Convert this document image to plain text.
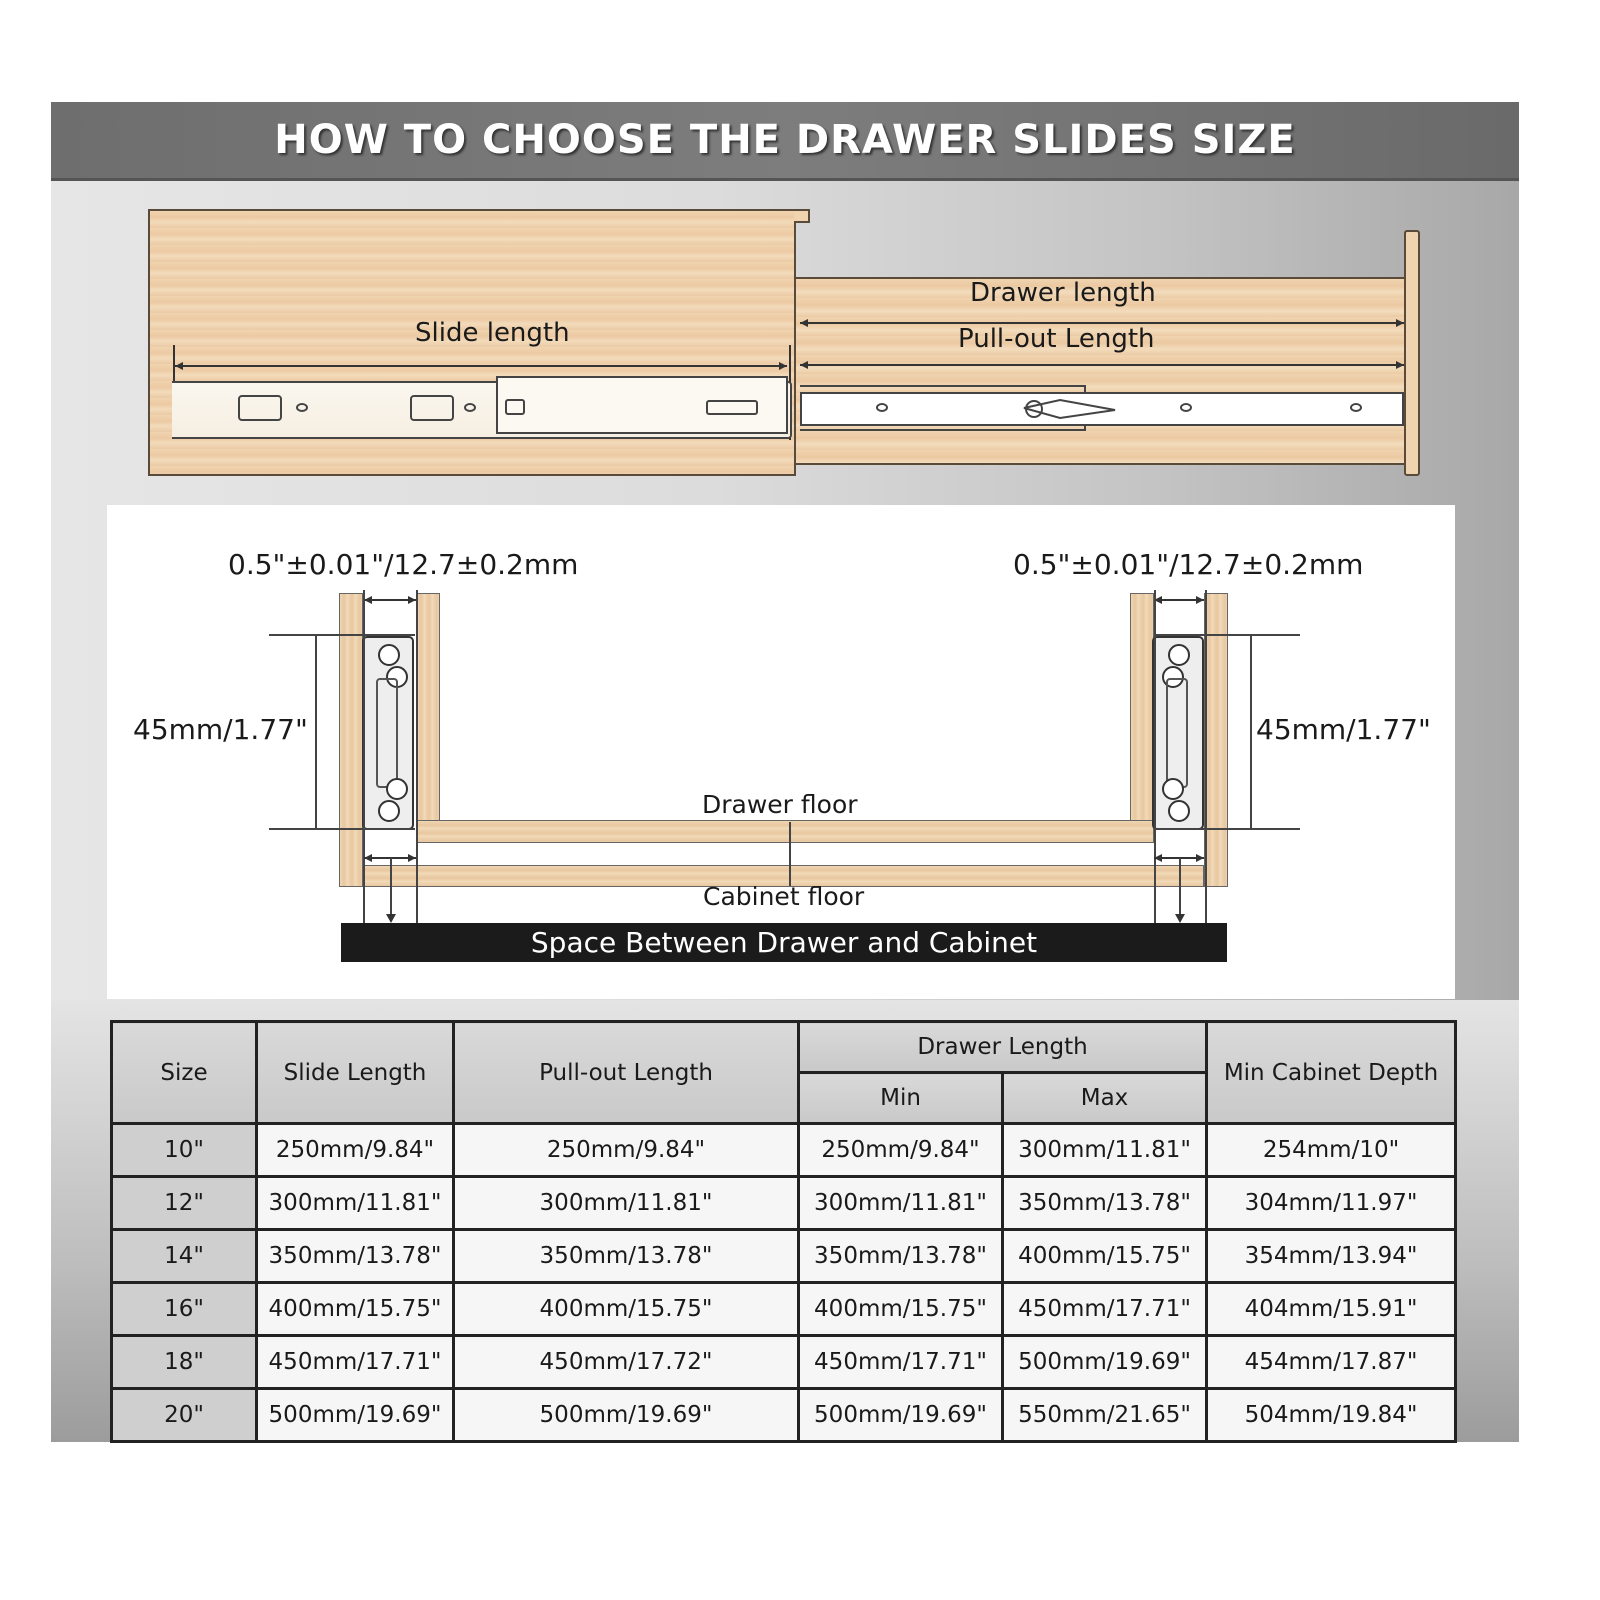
HOW TO CHOOSE THE DRAWER SLIDES SIZE
Slide length
Drawer length
Pull-out Length
0.5"±0.01"/12.7±0.2mm	0.5"±0.01"/12.7±0.2mm
45mm/1.77"	45mm/1.77"
Drawer floor
Cabinet floor
Space Between Drawer and Cabinet
Size	Slide Length	Pull-out Length	Drawer Length		Min Cabinet Depth
			Min	Max	
10"	250mm/9.84"	250mm/9.84"	250mm/9.84"	300mm/11.81"	254mm/10"
12"	300mm/11.81"	300mm/11.81"	300mm/11.81"	350mm/13.78"	304mm/11.97"
14"	350mm/13.78"	350mm/13.78"	350mm/13.78"	400mm/15.75"	354mm/13.94"
16"	400mm/15.75"	400mm/15.75"	400mm/15.75"	450mm/17.71"	404mm/15.91"
18"	450mm/17.71"	450mm/17.72"	450mm/17.71"	500mm/19.69"	454mm/17.87"
20"	500mm/19.69"	500mm/19.69"	500mm/19.69"	550mm/21.65"	504mm/19.84"
